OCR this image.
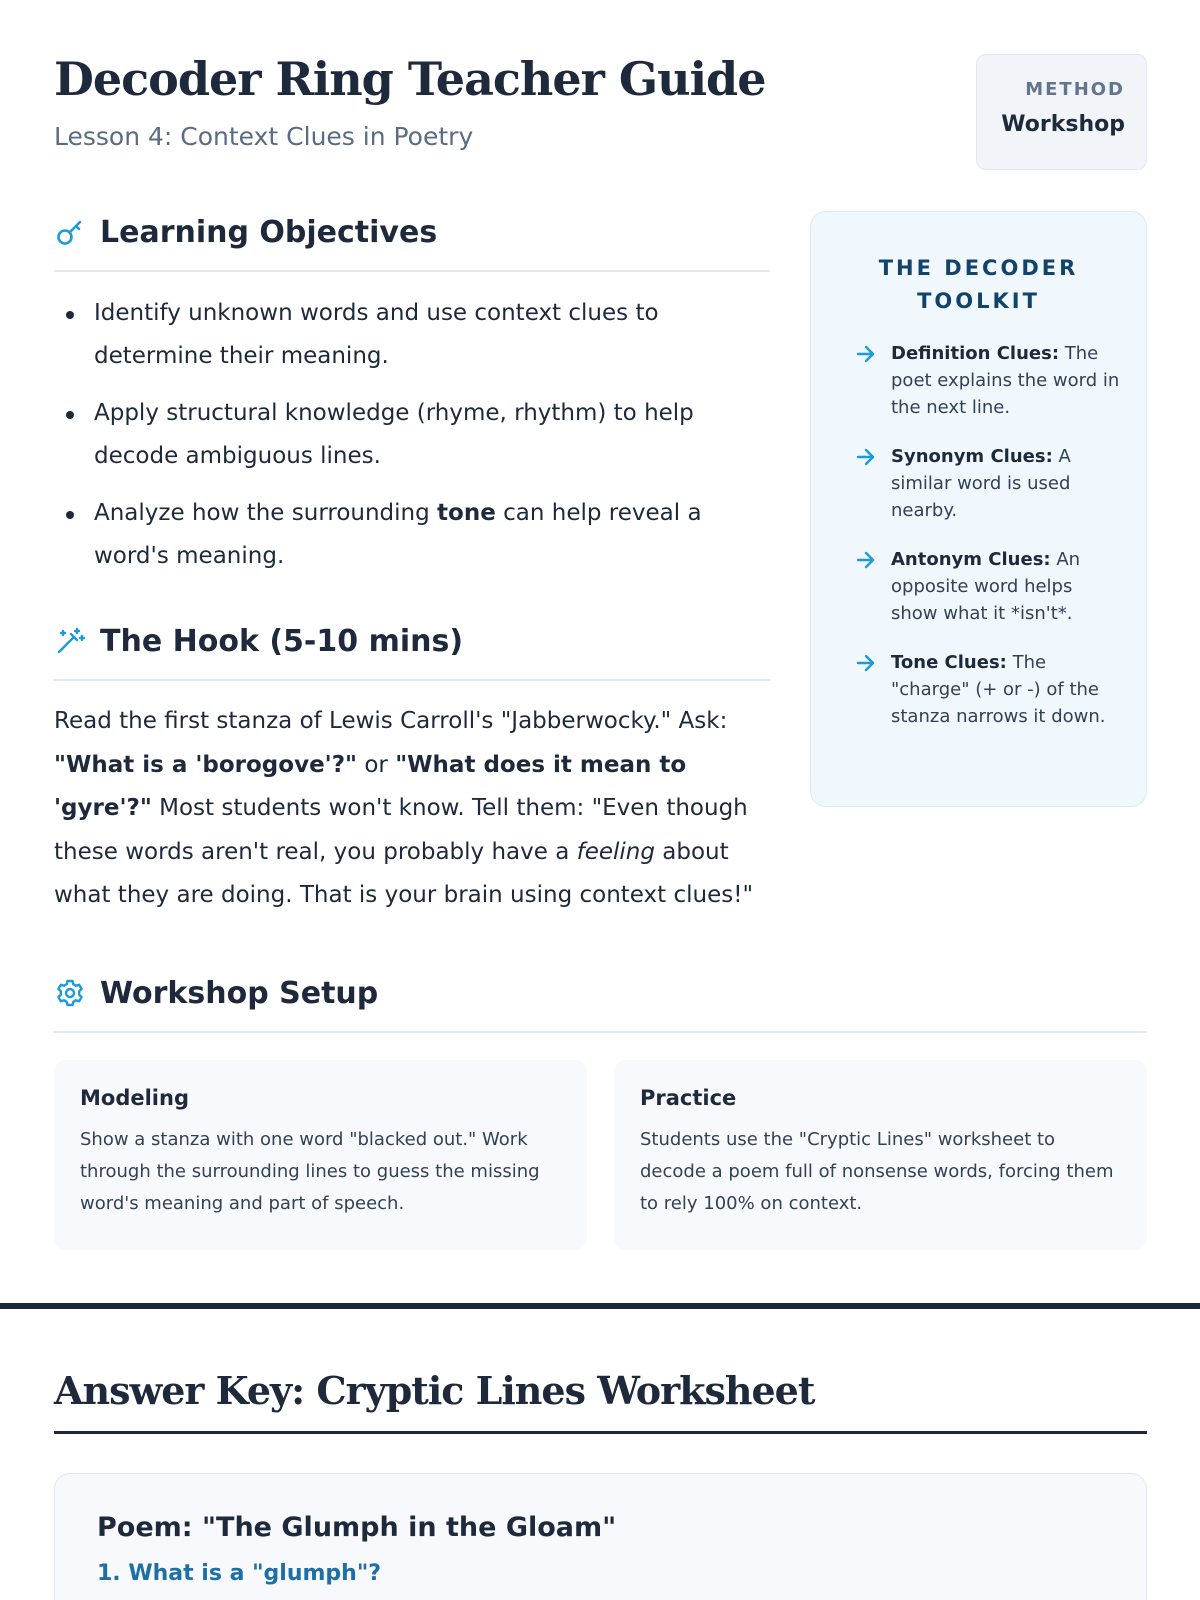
Decoder Ring Teacher Guide
Lesson 4: Context Clues in Poetry
METHOD
Workshop
Learning Objectives
Identify unknown words and use context clues to determine their meaning.
Apply structural knowledge (rhyme, rhythm) to help decode ambiguous lines.
Analyze how the surrounding tone can help reveal a word's meaning.
The Hook (5-10 mins)

Read the first stanza of Lewis Carroll's "Jabberwocky." Ask: "What is a 'borogove'?" or "What does it mean to 'gyre'?" Most students won't know. Tell them: "Even though these words aren't real, you probably have a feeling about what they are doing. That is your brain using context clues!"

THE DECODER TOOLKIT
Definition Clues: The poet explains the word in the next line.
Synonym Clues: A similar word is used nearby.
Antonym Clues: An opposite word helps show what it *isn't*.
Tone Clues: The "charge" (+ or -) of the stanza narrows it down.
Workshop Setup
Modeling
Show a stanza with one word "blacked out." Work through the surrounding lines to guess the missing word's meaning and part of speech.
Practice
Students use the "Cryptic Lines" worksheet to decode a poem full of nonsense words, forcing them to rely 100% on context.
Answer Key: Cryptic Lines Worksheet
Poem: "The Glumph in the Gloam"
1. What is a "glumph"?
